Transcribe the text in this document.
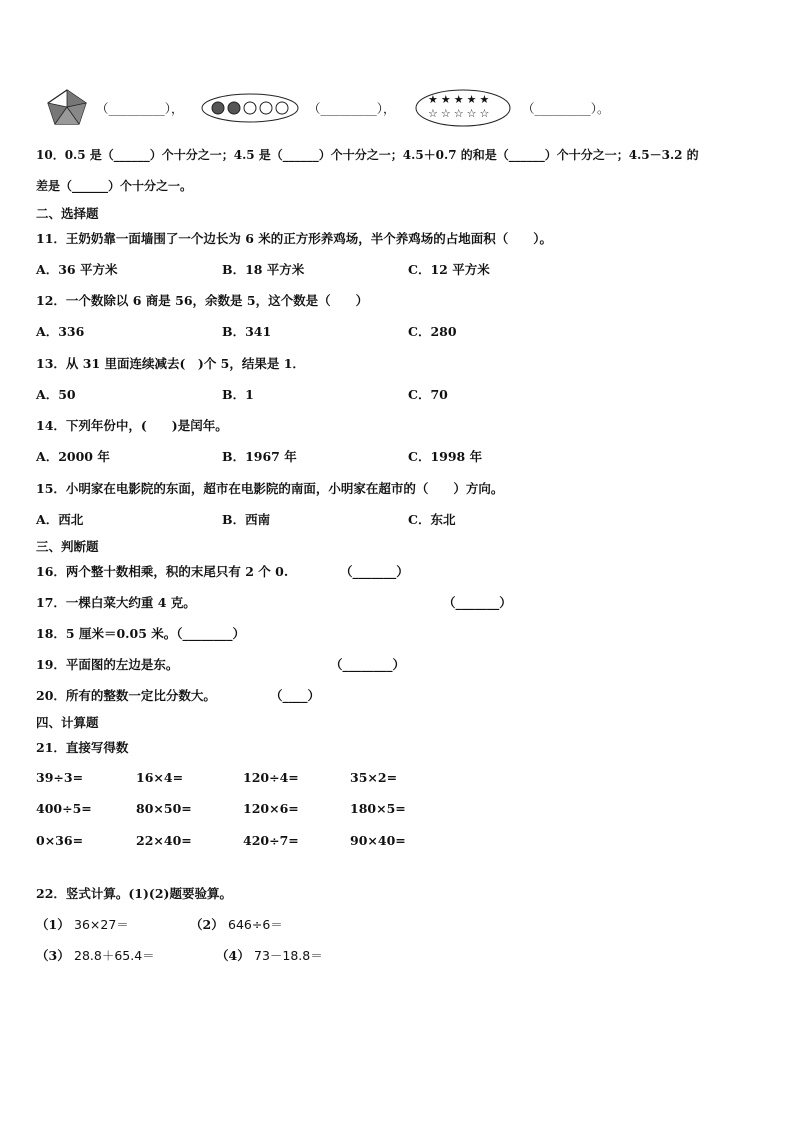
（_________），	（_________），
★★★★★
☆☆☆☆☆ （_________）。
10．0.5 是（______）个十分之一；4.5 是（______）个十分之一；4.5＋0.7 的和是（______）个十分之一；4.5－3.2 的
差是（______）个十分之一。
二、选择题
11．王奶奶靠一面墙围了一个边长为 6 米的正方形养鸡场，半个养鸡场的占地面积（　　）。
A．36 平方米	B．18 平方米	C．12 平方米
12．一个数除以 6 商是 56，余数是 5，这个数是（　　）
A．336	B．341	C．280
13．从 31 里面连续减去(　)个 5，结果是 1．
A．50	B．1	C．70
14．下列年份中，(　　)是闰年。
A．2000 年	B．1967 年	C．1998 年
15．小明家在电影院的东面，超市在电影院的南面，小明家在超市的（　　）方向。
A．西北	B．西南	C．东北
三、判断题
16．两个整十数相乘，积的末尾只有 2 个 0.	（_______）
17．一棵白菜大约重 4 克。	（_______）
18．5 厘米＝0.05 米。（________）
19．平面图的左边是东。	（________）
20．所有的整数一定比分数大。	（____）
四、计算题
21．直接写得数
39÷3=	16×4=	120÷4=	35×2=
400÷5=	80×50=	120×6=	180×5=
0×36=	22×40=	420÷7=	90×40=
22．竖式计算。(1)(2)题要验算。
（1） 36×27＝	（2） 646÷6＝
（3） 28.8＋65.4＝	（4） 73－18.8＝
